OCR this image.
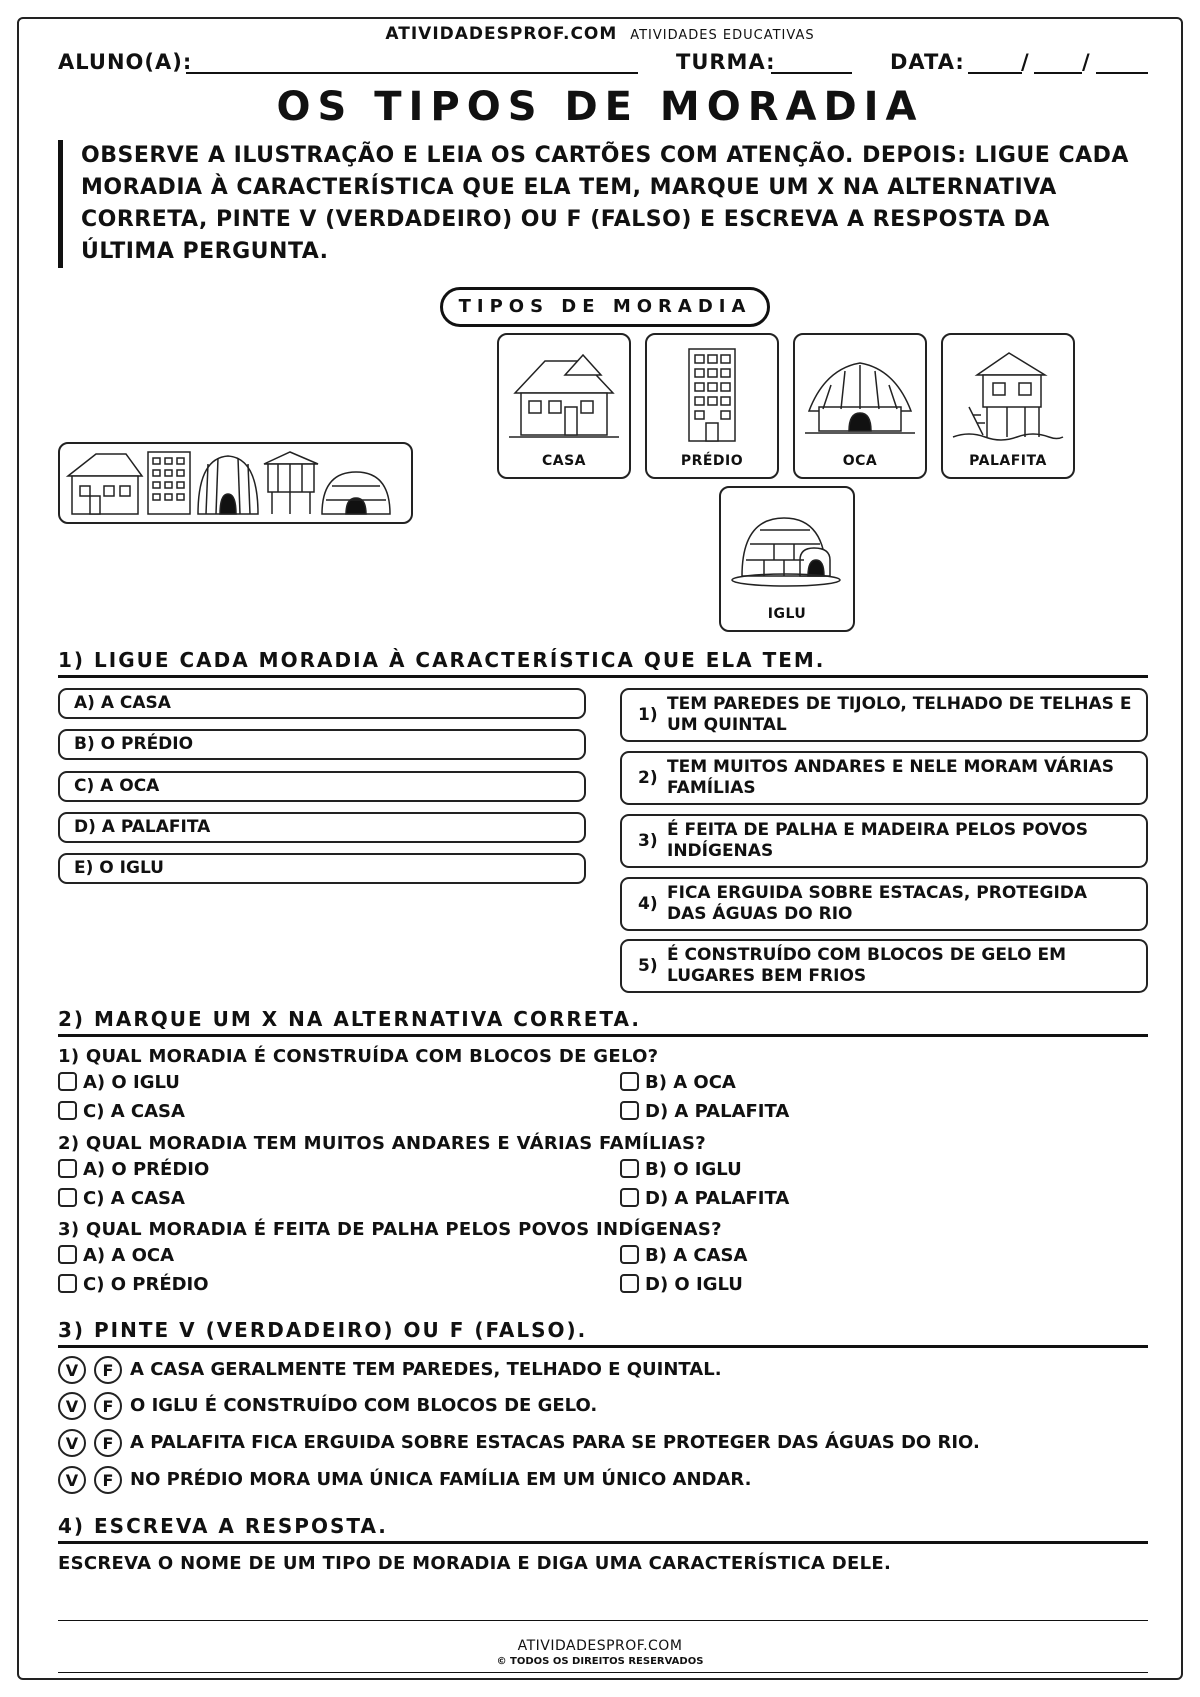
ATIVIDADESPROF.COM ATIVIDADES EDUCATIVAS
ALUNO(A):	TURMA:	DATA:	/ /
OS TIPOS DE MORADIA
OBSERVE A ILUSTRAÇÃO E LEIA OS CARTÕES COM ATENÇÃO. DEPOIS: LIGUE CADA MORADIA À CARACTERÍSTICA QUE ELA TEM, MARQUE UM X NA ALTERNATIVA CORRETA, PINTE V (VERDADEIRO) OU F (FALSO) E ESCREVA A RESPOSTA DA ÚLTIMA PERGUNTA.
TIPOS DE MORADIA
CASA	PRÉDIO	OCA	PALAFITA
IGLU
1) LIGUE CADA MORADIA À CARACTERÍSTICA QUE ELA TEM.
A) A CASA
B) O PRÉDIO
C) A OCA
D) A PALAFITA
E) O IGLU
1)
TEM PAREDES DE TIJOLO, TELHADO DE TELHAS E UM QUINTAL
2)
TEM MUITOS ANDARES E NELE MORAM VÁRIAS FAMÍLIAS
3)
É FEITA DE PALHA E MADEIRA PELOS POVOS INDÍGENAS
4)
FICA ERGUIDA SOBRE ESTACAS, PROTEGIDA DAS ÁGUAS DO RIO
5)
É CONSTRUÍDO COM BLOCOS DE GELO EM LUGARES BEM FRIOS
2) MARQUE UM X NA ALTERNATIVA CORRETA.
1) QUAL MORADIA É CONSTRUÍDA COM BLOCOS DE GELO?
A) O IGLU	B) A OCA
C) A CASA	D) A PALAFITA
2) QUAL MORADIA TEM MUITOS ANDARES E VÁRIAS FAMÍLIAS?
A) O PRÉDIO	B) O IGLU
C) A CASA	D) A PALAFITA
3) QUAL MORADIA É FEITA DE PALHA PELOS POVOS INDÍGENAS?
A) A OCA	B) A CASA
C) O PRÉDIO	D) O IGLU
3) PINTE V (VERDADEIRO) OU F (FALSO).
V F A CASA GERALMENTE TEM PAREDES, TELHADO E QUINTAL.
V F O IGLU É CONSTRUÍDO COM BLOCOS DE GELO.
V F A PALAFITA FICA ERGUIDA SOBRE ESTACAS PARA SE PROTEGER DAS ÁGUAS DO RIO.
V F NO PRÉDIO MORA UMA ÚNICA FAMÍLIA EM UM ÚNICO ANDAR.
4) ESCREVA A RESPOSTA.
ESCREVA O NOME DE UM TIPO DE MORADIA E DIGA UMA CARACTERÍSTICA DELE.
ATIVIDADESPROF.COM
© TODOS OS DIREITOS RESERVADOS
